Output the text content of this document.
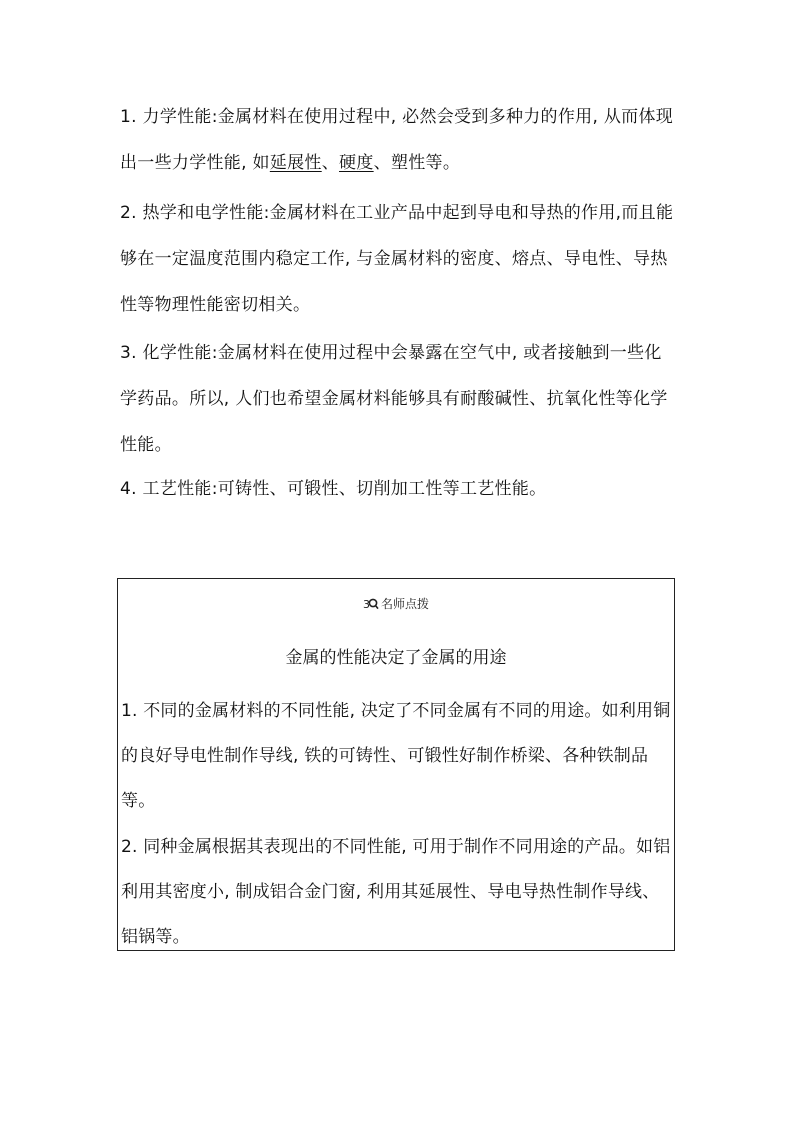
1. 力学性能:金属材料在使用过程中, 必然会受到多种力的作用, 从而体现出一些力学性能, 如延展性、硬度、塑性等。

2. 热学和电学性能:金属材料在工业产品中起到导电和导热的作用,而且能够在一定温度范围内稳定工作, 与金属材料的密度、熔点、导电性、导热性等物理性能密切相关。

3. 化学性能:金属材料在使用过程中会暴露在空气中, 或者接触到一些化学药品。所以, 人们也希望金属材料能够具有耐酸碱性、抗氧化性等化学性能。

4. 工艺性能:可铸性、可锻性、切削加工性等工艺性能。

3 名师点拨
金属的性能决定了金属的用途

1. 不同的金属材料的不同性能, 决定了不同金属有不同的用途。如利用铜的良好导电性制作导线, 铁的可铸性、可锻性好制作桥梁、各种铁制品等。

2. 同种金属根据其表现出的不同性能, 可用于制作不同用途的产品。如铝利用其密度小, 制成铝合金门窗, 利用其延展性、导电导热性制作导线、铝锅等。
